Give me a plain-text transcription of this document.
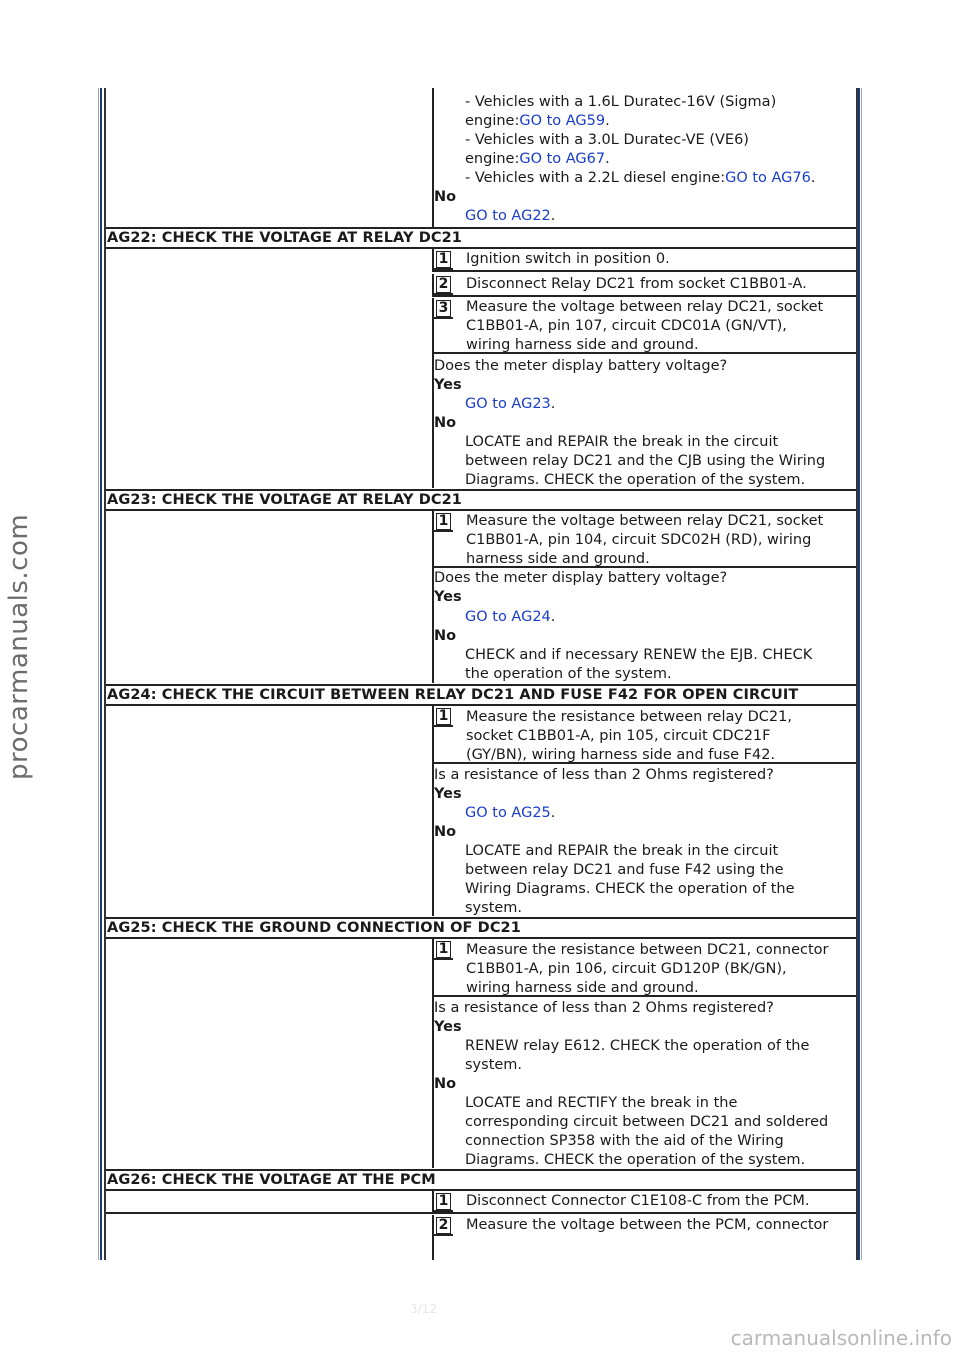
procarmanuals.com
carmanualsonline.info
3/12
- Vehicles with a 1.6L Duratec-16V (Sigma)
engine:GO to AG59.
- Vehicles with a 3.0L Duratec-VE (VE6)
engine:GO to AG67.
- Vehicles with a 2.2L diesel engine:GO to AG76.
No
GO to AG22.
AG22: CHECK THE VOLTAGE AT RELAY DC21
1 Ignition switch in position 0.
2 Disconnect Relay DC21 from socket C1BB01-A.
3 Measure the voltage between relay DC21, socket
C1BB01-A, pin 107, circuit CDC01A (GN/VT),
wiring harness side and ground.
Does the meter display battery voltage?
Yes
GO to AG23.
No
LOCATE and REPAIR the break in the circuit
between relay DC21 and the CJB using the Wiring
Diagrams. CHECK the operation of the system.
AG23: CHECK THE VOLTAGE AT RELAY DC21
1 Measure the voltage between relay DC21, socket
C1BB01-A, pin 104, circuit SDC02H (RD), wiring
harness side and ground.
Does the meter display battery voltage?
Yes
GO to AG24.
No
CHECK and if necessary RENEW the EJB. CHECK
the operation of the system.
AG24: CHECK THE CIRCUIT BETWEEN RELAY DC21 AND FUSE F42 FOR OPEN CIRCUIT
1 Measure the resistance between relay DC21,
socket C1BB01-A, pin 105, circuit CDC21F
(GY/BN), wiring harness side and fuse F42.
Is a resistance of less than 2 Ohms registered?
Yes
GO to AG25.
No
LOCATE and REPAIR the break in the circuit
between relay DC21 and fuse F42 using the
Wiring Diagrams. CHECK the operation of the
system.
AG25: CHECK THE GROUND CONNECTION OF DC21
1 Measure the resistance between DC21, connector
C1BB01-A, pin 106, circuit GD120P (BK/GN),
wiring harness side and ground.
Is a resistance of less than 2 Ohms registered?
Yes
RENEW relay E612. CHECK the operation of the
system.
No
LOCATE and RECTIFY the break in the
corresponding circuit between DC21 and soldered
connection SP358 with the aid of the Wiring
Diagrams. CHECK the operation of the system.
AG26: CHECK THE VOLTAGE AT THE PCM
1 Disconnect Connector C1E108-C from the PCM.
2 Measure the voltage between the PCM, connector
